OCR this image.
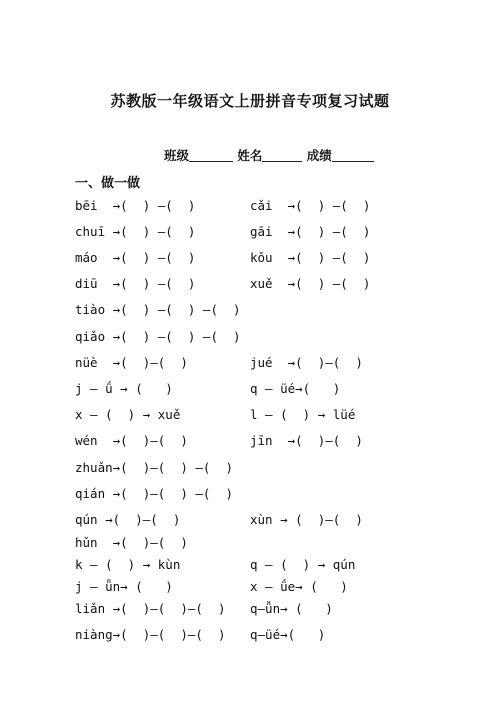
苏教版一年级语文上册拼音专项复习试题
班级	姓名	成绩
一、做一做
bēi  →(  ) —(  )
chuī →(  ) —(  )
máo  →(  ) —(  )
diū  →(  ) —(  )
tiào →(  ) —(  ) —(  )
qiǎo →(  ) —(  ) —(  )
nüè  →(  )—(  )
j — ǘ → (   )
x — (  ) → xuě
wén  →(  )—(  )
zhuǎn→(  )—(  ) —(  )
qián →(  )—(  ) —(  )
qún →(  )—(  )
hǔn  →(  )—(  )
k — (  ) → kùn
j — ǖn→ (   )
liǎn →(  )—(  )—(  )
niàng→(  )—(  )—(  )
cǎi  →(  ) —(  )
gāi  →(  ) —(  )
kǒu  →(  ) —(  )
xuě  →(  ) —(  )
jué  →(  )—(  )
q — üé→(   )
l — (  ) → lüé
jīn  →(  )—(  )
xùn → (  )—(  )
q — (  ) → qún
x — ǘe→ (   )
q—ǚn→ (   )
q—üé→(   )
